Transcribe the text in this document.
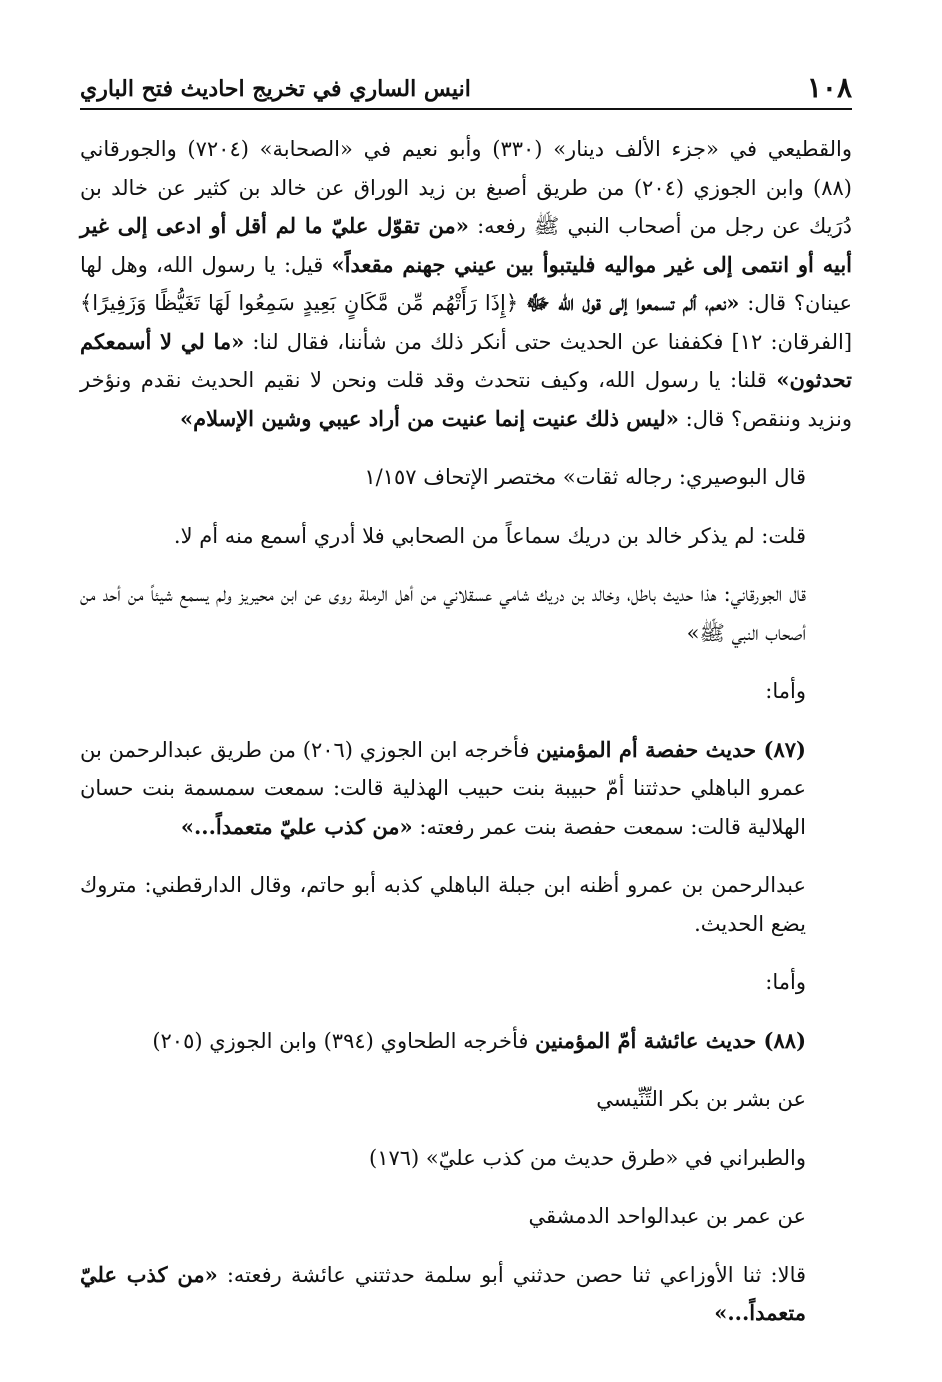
١٠٨
انيس الساري في تخريج احاديث فتح الباري

والقطيعي في «جزء الألف دينار» (٣٣٠) وأبو نعيم في «الصحابة» (٧٢٠٤) والجورقاني (٨٨) وابن الجوزي (٢٠٤) من طريق أصبغ بن زيد الوراق عن خالد بن كثير عن خالد بن دُرَيك عن رجل من أصحاب النبي ﷺ رفعه: «من تقوّل عليّ ما لم أقل أو ادعى إلى غير أبيه أو انتمى إلى غير مواليه فليتبوأ بين عيني جهنم مقعداً» قيل: يا رسول الله، وهل لها عينان؟ قال: «نعم، ألم تسمعوا إلى قول الله ﷻ ﴿إِذَا رَأَتْهُم مِّن مَّكَانٍ بَعِيدٍ سَمِعُوا لَهَا تَغَيُّظًا وَزَفِيرًا﴾ [الفرقان: ١٢] فكففنا عن الحديث حتى أنكر ذلك من شأننا، فقال لنا: «ما لي لا أسمعكم تحدثون» قلنا: يا رسول الله، وكيف نتحدث وقد قلت ونحن لا نقيم الحديث نقدم ونؤخر ونزيد وننقص؟ قال: «ليس ذلك عنيت إنما عنيت من أراد عيبي وشين الإسلام»

قال البوصيري: رجاله ثقات» مختصر الإتحاف ١/١٥٧

قلت: لم يذكر خالد بن دريك سماعاً من الصحابي فلا أدري أسمع منه أم لا.

قال الجورقاني: هذا حديث باطل، وخالد بن دريك شامي عسقلاني من أهل الرملة روى عن ابن محيريز ولم يسمع شيئاً من أحد من أصحاب النبي ﷺ»

وأما:

(٨٧) حديث حفصة أم المؤمنين فأخرجه ابن الجوزي (٢٠٦) من طريق عبدالرحمن بن عمرو الباهلي حدثتنا أمّ حبيبة بنت حبيب الهذلية قالت: سمعت سمسمة بنت حسان الهلالية قالت: سمعت حفصة بنت عمر رفعته: «من كذب عليّ متعمداً...»

عبدالرحمن بن عمرو أظنه ابن جبلة الباهلي كذبه أبو حاتم، وقال الدارقطني: متروك يضع الحديث.

وأما:

(٨٨) حديث عائشة أمّ المؤمنين فأخرجه الطحاوي (٣٩٤) وابن الجوزي (٢٠٥)

عن بشر بن بكر التِّنِّيسي

والطبراني في «طرق حديث من كذب عليّ» (١٧٦)

عن عمر بن عبدالواحد الدمشقي

قالا: ثنا الأوزاعي ثنا حصن حدثني أبو سلمة حدثتني عائشة رفعته: «من كذب عليّ متعمداً...»
